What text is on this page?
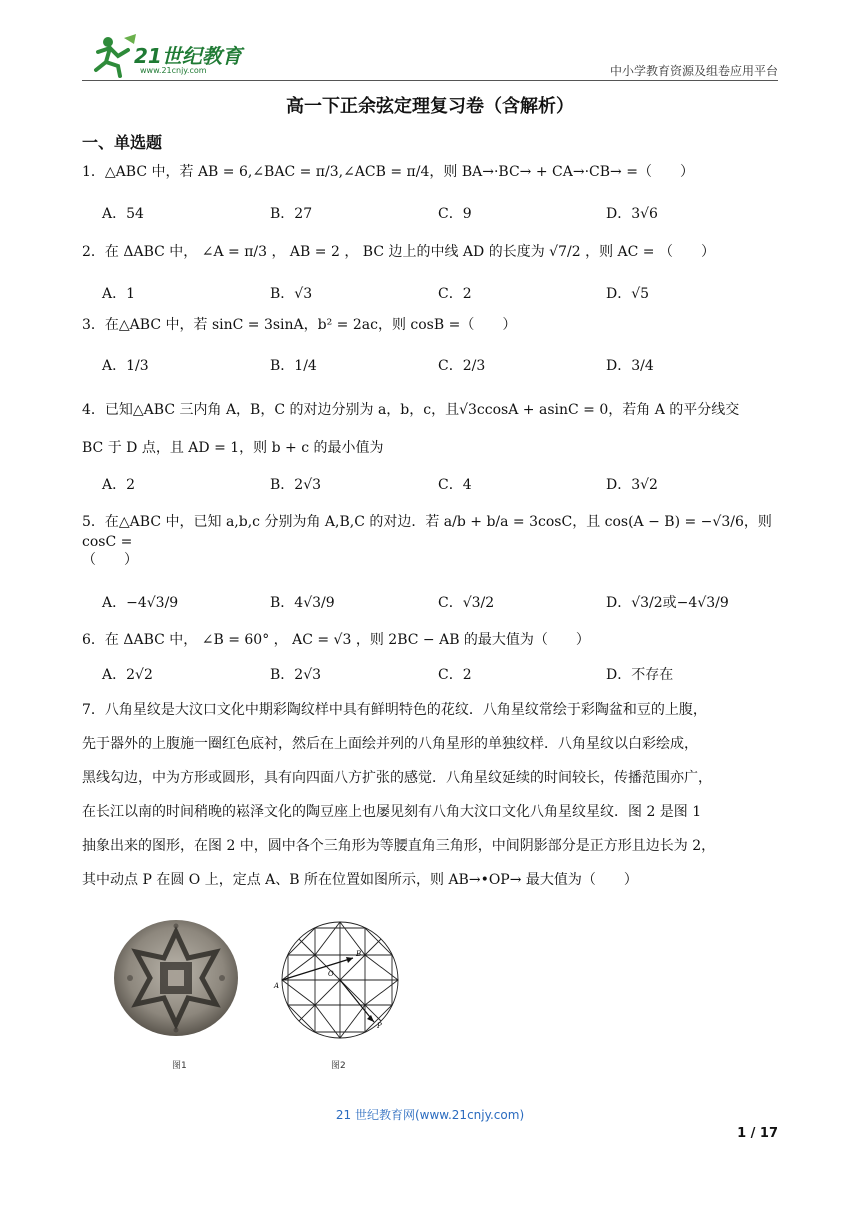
21世纪教育
www.21cnjy.com	中小学教育资源及组卷应用平台
高一下正余弦定理复习卷（含解析）
一、单选题
1．△ABC 中，若 AB = 6,∠BAC = π/3,∠ACB = π/4，则 BA→·BC→ + CA→·CB→ =（　　）
A．54	B．27	C．9	D．3√6
2．在 ΔABC 中， ∠A = π/3 ， AB = 2 ， BC 边上的中线 AD 的长度为 √7/2 ，则 AC = （　　）
A．1	B．√3	C．2	D．√5
3．在△ABC 中，若 sinC = 3sinA，b² = 2ac，则 cosB =（　　）
A．1/3	B．1/4	C．2/3	D．3/4
4．已知△ABC 三内角 A，B，C 的对边分别为 a，b，c，且√3ccosA + asinC = 0，若角 A 的平分线交
BC 于 D 点，且 AD = 1，则 b + c 的最小值为
A．2	B．2√3	C．4	D．3√2
5．在△ABC 中，已知 a,b,c 分别为角 A,B,C 的对边．若 a/b + b/a = 3cosC，且 cos(A − B) = −√3/6，则 cosC =
（　　）
A．−4√3/9	B．4√3/9	C．√3/2	D．√3/2或−4√3/9
6．在 ΔABC 中， ∠B = 60° ， AC = √3 ，则 2BC − AB 的最大值为（　　）
A．2√2	B．2√3	C．2	D．不存在
7．八角星纹是大汶口文化中期彩陶纹样中具有鲜明特色的花纹．八角星纹常绘于彩陶盆和豆的上腹，
先于器外的上腹施一圈红色底衬，然后在上面绘并列的八角星形的单独纹样．八角星纹以白彩绘成，
黑线勾边，中为方形或圆形，具有向四面八方扩张的感觉．八角星纹延续的时间较长，传播范围亦广，
在长江以南的时间稍晚的崧泽文化的陶豆座上也屡见刻有八角大汶口文化八角星纹星纹．图 2 是图 1
抽象出来的图形，在图 2 中，圆中各个三角形为等腰直角三角形，中间阴影部分是正方形且边长为 2，
其中动点 P 在圆 O 上，定点 A、B 所在位置如图所示，则 AB→•OP→ 最大值为（　　）
图1
A
B
O
P
图2
21 世纪教育网(www.21cnjy.com)
1 / 17
